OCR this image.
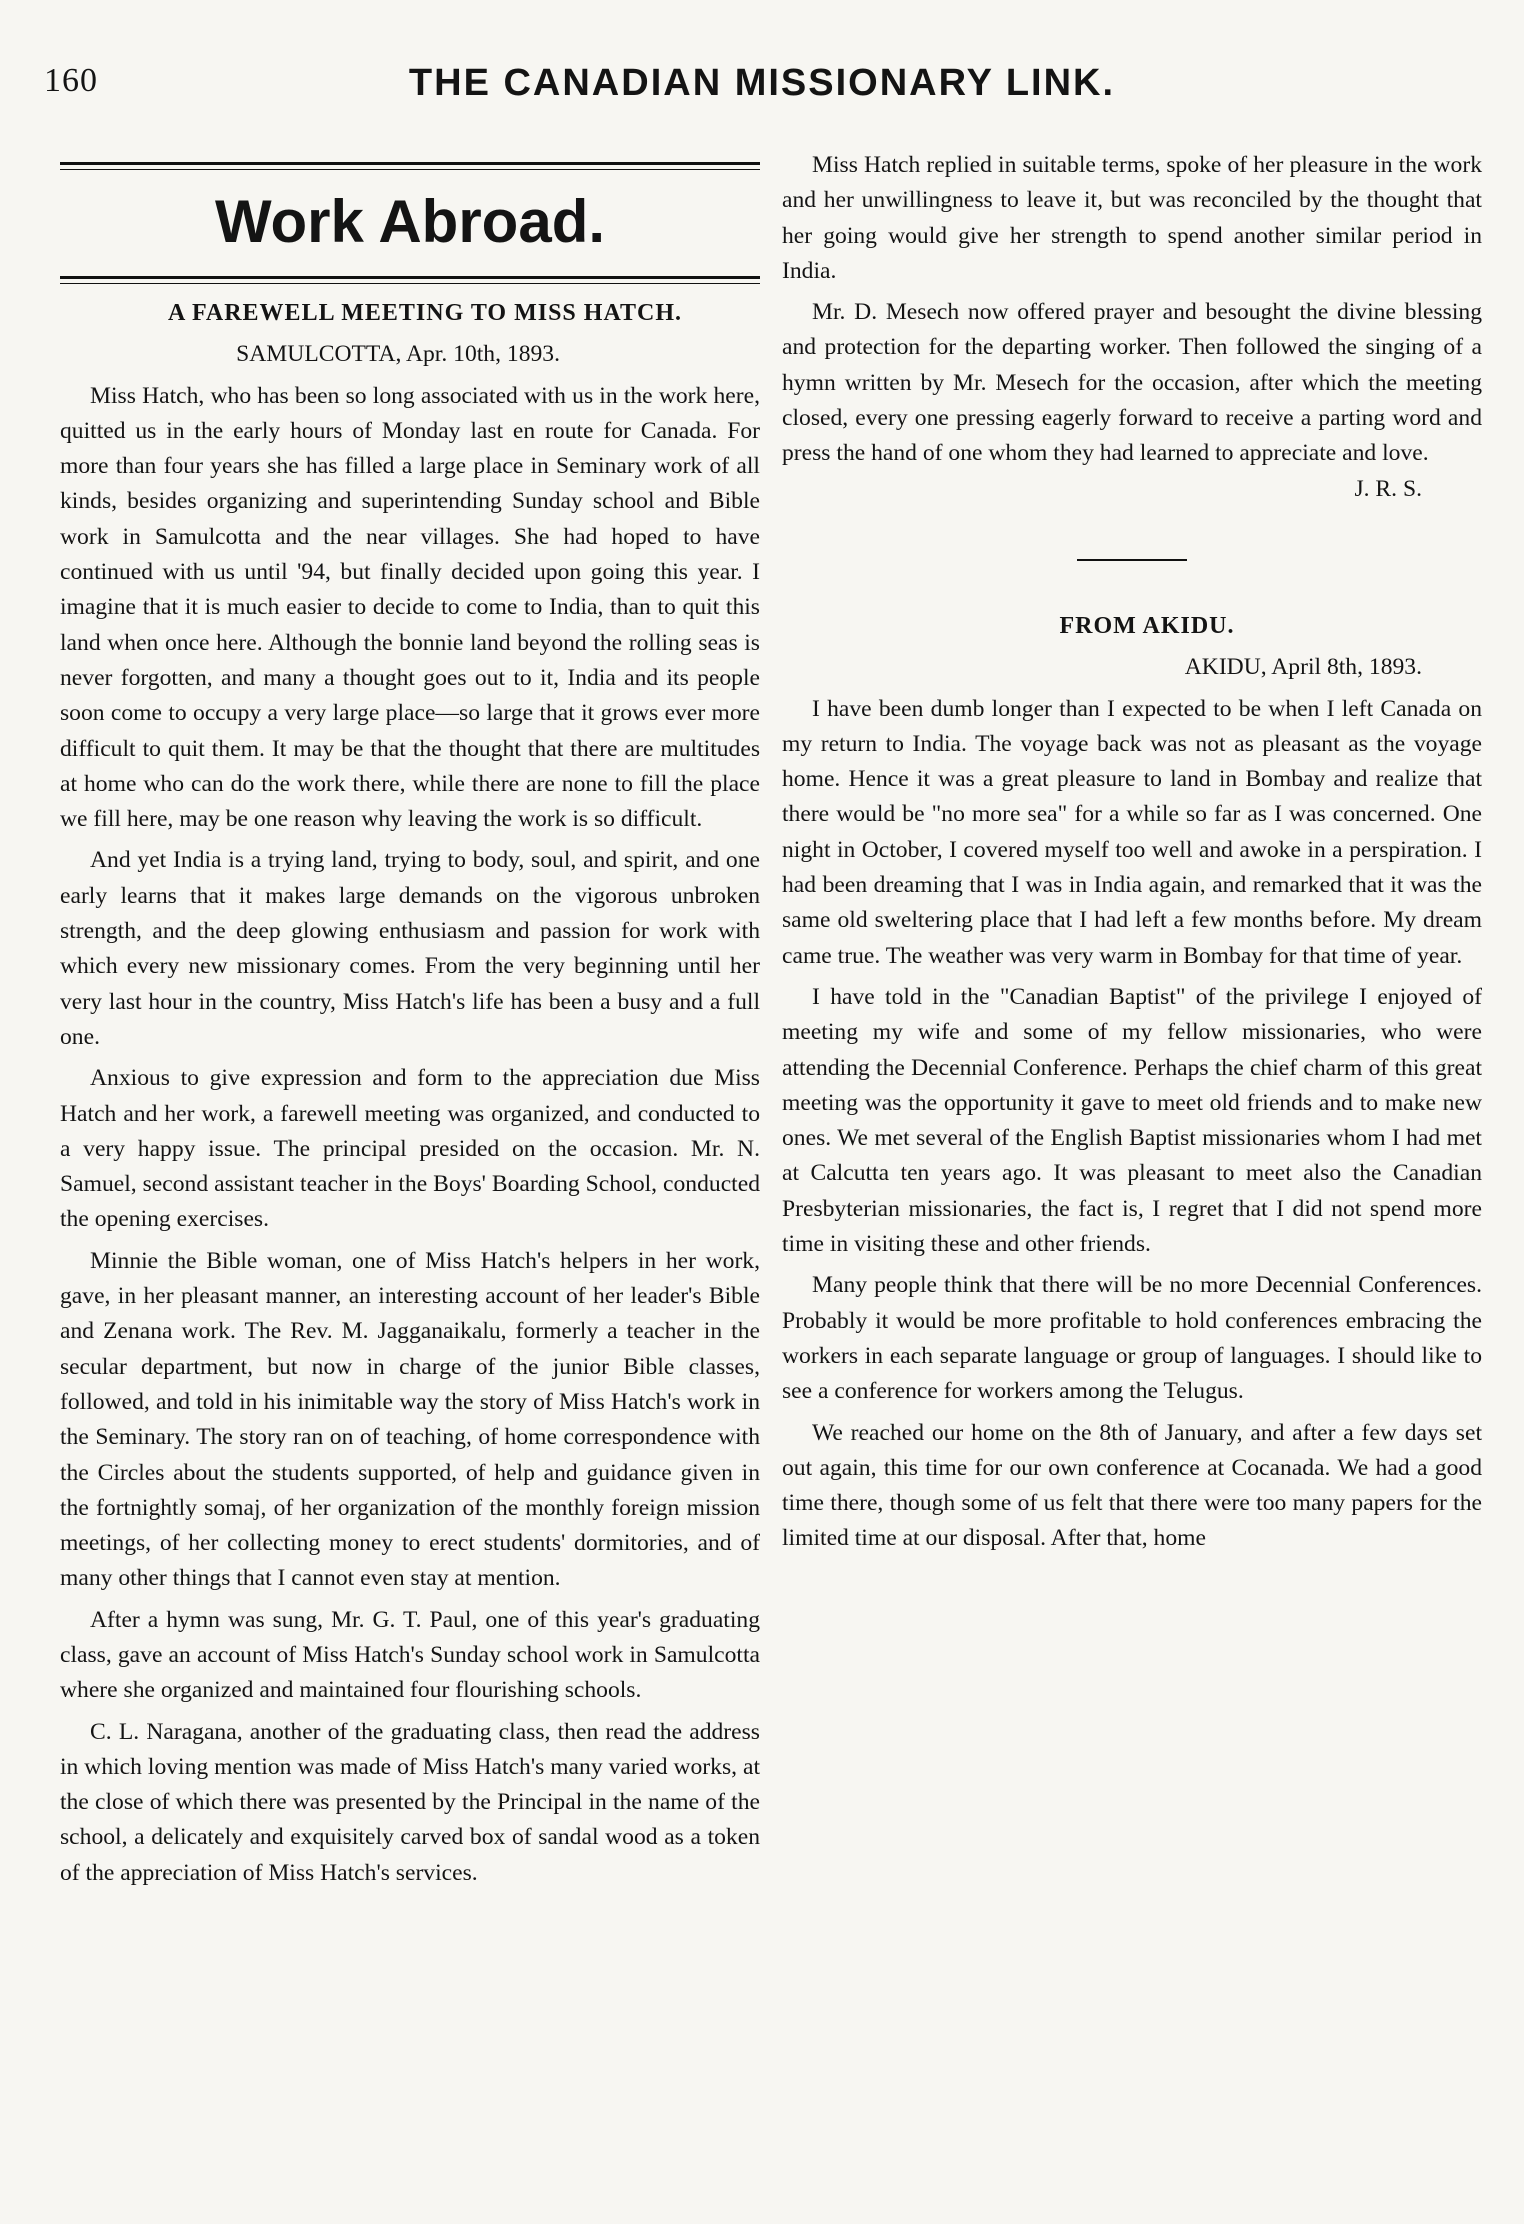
160	THE CANADIAN MISSIONARY LINK.
Work Abroad.

A FAREWELL MEETING TO MISS HATCH.

SAMULCOTTA, Apr. 10th, 1893.

Miss Hatch, who has been so long associated with us in the work here, quitted us in the early hours of Monday last en route for Canada. For more than four years she has filled a large place in Seminary work of all kinds, besides organizing and superintending Sunday school and Bible work in Samulcotta and the near villages. She had hoped to have continued with us until '94, but finally decided upon going this year. I imagine that it is much easier to decide to come to India, than to quit this land when once here. Although the bonnie land beyond the rolling seas is never forgotten, and many a thought goes out to it, India and its people soon come to occupy a very large place—so large that it grows ever more difficult to quit them. It may be that the thought that there are multitudes at home who can do the work there, while there are none to fill the place we fill here, may be one reason why leaving the work is so difficult.

And yet India is a trying land, trying to body, soul, and spirit, and one early learns that it makes large demands on the vigorous unbroken strength, and the deep glowing enthusiasm and passion for work with which every new missionary comes. From the very beginning until her very last hour in the country, Miss Hatch's life has been a busy and a full one.

Anxious to give expression and form to the appreciation due Miss Hatch and her work, a farewell meeting was organized, and conducted to a very happy issue. The principal presided on the occasion. Mr. N. Samuel, second assistant teacher in the Boys' Boarding School, conducted the opening exercises.

Minnie the Bible woman, one of Miss Hatch's helpers in her work, gave, in her pleasant manner, an interesting account of her leader's Bible and Zenana work. The Rev. M. Jagganaikalu, formerly a teacher in the secular department, but now in charge of the junior Bible classes, followed, and told in his inimitable way the story of Miss Hatch's work in the Seminary. The story ran on of teaching, of home correspondence with the Circles about the students supported, of help and guidance given in the fortnightly somaj, of her organization of the monthly foreign mission meetings, of her collecting money to erect students' dormitories, and of many other things that I cannot even stay at mention.

After a hymn was sung, Mr. G. T. Paul, one of this year's graduating class, gave an account of Miss Hatch's Sunday school work in Samulcotta where she organized and maintained four flourishing schools.

C. L. Naragana, another of the graduating class, then read the address in which loving mention was made of Miss Hatch's many varied works, at the close of which there was presented by the Principal in the name of the school, a delicately and exquisitely carved box of sandal wood as a token of the appreciation of Miss Hatch's services.

Miss Hatch replied in suitable terms, spoke of her pleasure in the work and her unwillingness to leave it, but was reconciled by the thought that her going would give her strength to spend another similar period in India.

Mr. D. Mesech now offered prayer and besought the divine blessing and protection for the departing worker. Then followed the singing of a hymn written by Mr. Mesech for the occasion, after which the meeting closed, every one pressing eagerly forward to receive a parting word and press the hand of one whom they had learned to appreciate and love.

J. R. S.

FROM AKIDU.

AKIDU, April 8th, 1893.

I have been dumb longer than I expected to be when I left Canada on my return to India. The voyage back was not as pleasant as the voyage home. Hence it was a great pleasure to land in Bombay and realize that there would be "no more sea" for a while so far as I was concerned. One night in October, I covered myself too well and awoke in a perspiration. I had been dreaming that I was in India again, and remarked that it was the same old sweltering place that I had left a few months before. My dream came true. The weather was very warm in Bombay for that time of year.

I have told in the "Canadian Baptist" of the privilege I enjoyed of meeting my wife and some of my fellow missionaries, who were attending the Decennial Conference. Perhaps the chief charm of this great meeting was the opportunity it gave to meet old friends and to make new ones. We met several of the English Baptist missionaries whom I had met at Calcutta ten years ago. It was pleasant to meet also the Canadian Presbyterian missionaries, the fact is, I regret that I did not spend more time in visiting these and other friends.

Many people think that there will be no more Decennial Conferences. Probably it would be more profitable to hold conferences embracing the workers in each separate language or group of languages. I should like to see a conference for workers among the Telugus.

We reached our home on the 8th of January, and after a few days set out again, this time for our own conference at Cocanada. We had a good time there, though some of us felt that there were too many papers for the limited time at our disposal. After that, home
